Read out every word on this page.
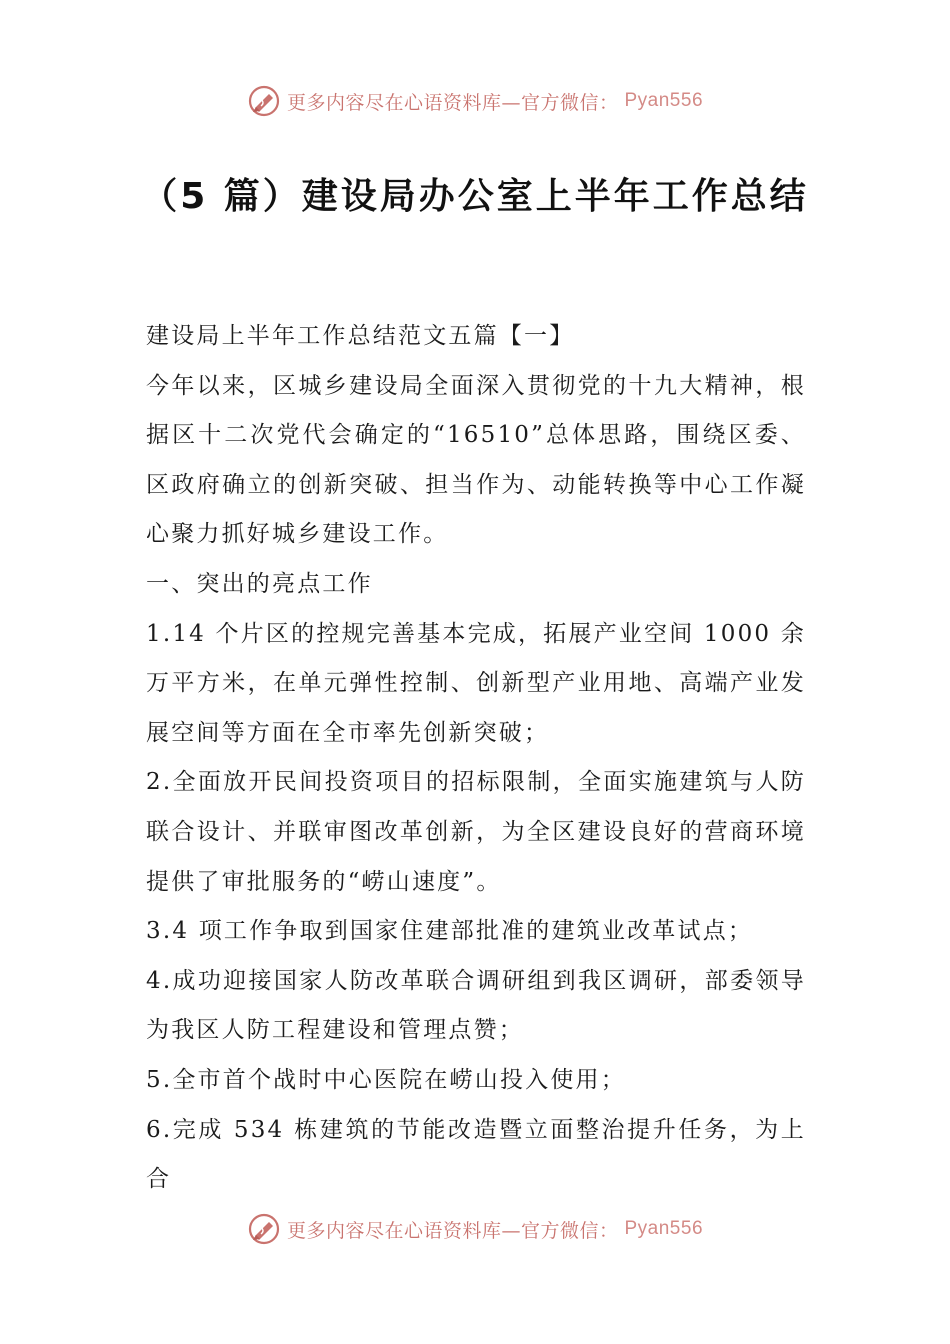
更多内容尽在心语资料库—官方微信： Pyan556
（5 篇）建设局办公室上半年工作总结

建设局上半年工作总结范文五篇【一】

今年以来，区城乡建设局全面深入贯彻党的十九大精神，根据区十二次党代会确定的“16510”总体思路，围绕区委、区政府确立的创新突破、担当作为、动能转换等中心工作凝心聚力抓好城乡建设工作。

一、突出的亮点工作

1.14 个片区的控规完善基本完成，拓展产业空间 1000 余万平方米，在单元弹性控制、创新型产业用地、高端产业发展空间等方面在全市率先创新突破；

2.全面放开民间投资项目的招标限制，全面实施建筑与人防联合设计、并联审图改革创新，为全区建设良好的营商环境提供了审批服务的“崂山速度”。

3.4 项工作争取到国家住建部批准的建筑业改革试点；

4.成功迎接国家人防改革联合调研组到我区调研，部委领导为我区人防工程建设和管理点赞；

5.全市首个战时中心医院在崂山投入使用；

6.完成 534 栋建筑的节能改造暨立面整治提升任务，为上合

更多内容尽在心语资料库—官方微信： Pyan556
